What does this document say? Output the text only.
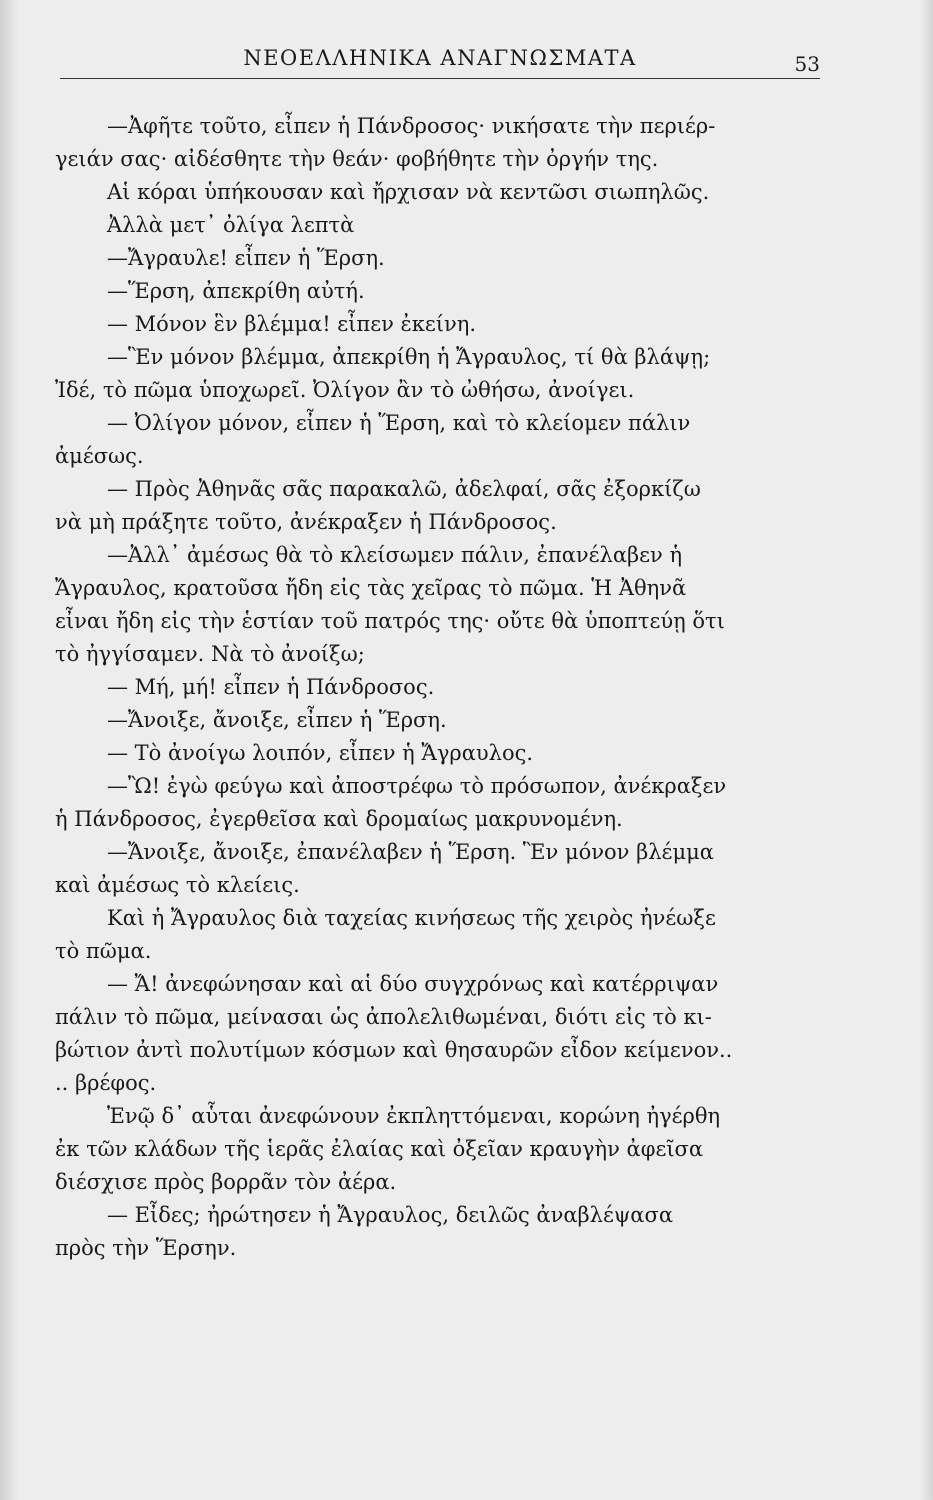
ΝΕΟΕΛΛΗΝΙΚΑ ΑΝΑΓΝΩΣΜΑΤΑ	53
—Ἀφῆτε τοῦτο, εἶπεν ἡ Πάνδροσος· νικήσατε τὴν περιέρ-
γειάν σας· αἰδέσθητε τὴν θεάν· φοβήθητε τὴν ὀργήν της.
Αἱ κόραι ὑπήκουσαν καὶ ἤρχισαν νὰ κεντῶσι σιωπηλῶς.
Ἀλλὰ μετ᾽ ὀλίγα λεπτὰ
—Ἄγραυλε! εἶπεν ἡ Ἕρση.
—Ἕρση, ἀπεκρίθη αὐτή.
— Μόνον ἓν βλέμμα! εἶπεν ἐκείνη.
—Ἓν μόνον βλέμμα, ἀπεκρίθη ἡ Ἄγραυλος, τί θὰ βλάψῃ;
Ἰδέ, τὸ πῶμα ὑποχωρεῖ. Ὀλίγον ἂν τὸ ὠθήσω, ἀνοίγει.
— Ὀλίγον μόνον, εἶπεν ἡ Ἕρση, καὶ τὸ κλείομεν πάλιν
ἀμέσως.
— Πρὸς Ἀθηνᾶς σᾶς παρακαλῶ, ἀδελφαί, σᾶς ἐξορκίζω
νὰ μὴ πράξητε τοῦτο, ἀνέκραξεν ἡ Πάνδροσος.
—Ἀλλ᾽ ἀμέσως θὰ τὸ κλείσωμεν πάλιν, ἐπανέλαβεν ἡ
Ἄγραυλος, κρατοῦσα ἤδη εἰς τὰς χεῖρας τὸ πῶμα. Ἡ Ἀθηνᾶ
εἶναι ἤδη εἰς τὴν ἑστίαν τοῦ πατρός της· οὔτε θὰ ὑποπτεύῃ ὅτι
τὸ ἠγγίσαμεν. Νὰ τὸ ἀνοίξω;
— Μή, μή! εἶπεν ἡ Πάνδροσος.
—Ἄνοιξε, ἄνοιξε, εἶπεν ἡ Ἕρση.
— Τὸ ἀνοίγω λοιπόν, εἶπεν ἡ Ἄγραυλος.
—Ὢ! ἐγὼ φεύγω καὶ ἀποστρέφω τὸ πρόσωπον, ἀνέκραξεν
ἡ Πάνδροσος, ἐγερθεῖσα καὶ δρομαίως μακρυνομένη.
—Ἄνοιξε, ἄνοιξε, ἐπανέλαβεν ἡ Ἕρση. Ἓν μόνον βλέμμα
καὶ ἀμέσως τὸ κλείεις.
Καὶ ἡ Ἄγραυλος διὰ ταχείας κινήσεως τῆς χειρὸς ἠνέωξε
τὸ πῶμα.
— Ἄ! ἀνεφώνησαν καὶ αἱ δύο συγχρόνως καὶ κατέρριψαν
πάλιν τὸ πῶμα, μείνασαι ὡς ἀπολελιθωμέναι, διότι εἰς τὸ κι-
βώτιον ἀντὶ πολυτίμων κόσμων καὶ θησαυρῶν εἶδον κείμενον..
.. βρέφος.
Ἐνῷ δ᾽ αὗται ἀνεφώνουν ἐκπληττόμεναι, κορώνη ἠγέρθη
ἐκ τῶν κλάδων τῆς ἱερᾶς ἐλαίας καὶ ὀξεῖαν κραυγὴν ἀφεῖσα
διέσχισε πρὸς βορρᾶν τὸν ἀέρα.
— Εἶδες; ἠρώτησεν ἡ Ἄγραυλος, δειλῶς ἀναβλέψασα
πρὸς τὴν Ἕρσην.
